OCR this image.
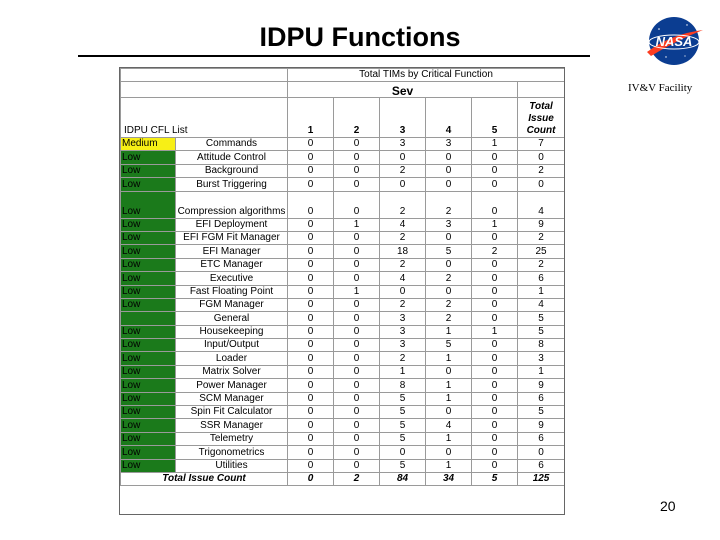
IDPU Functions	NASA
IV&V Facility
20
		Total TIMs by Critical Function					
		Sev					
IDPU CFL List		1	2	3	4	5	Total Issue Count
Medium	Commands	0	0	3	3	1	7
Low	Attitude Control	0	0	0	0	0	0
Low	Background	0	0	2	0	0	2
Low	Burst Triggering	0	0	0	0	0	0
Low	Compression algorithms	0	0	2	2	0	4
Low	EFI Deployment	0	1	4	3	1	9
Low	EFI FGM Fit Manager	0	0	2	0	0	2
Low	EFI Manager	0	0	18	5	2	25
Low	ETC Manager	0	0	2	0	0	2
Low	Executive	0	0	4	2	0	6
Low	Fast Floating Point	0	1	0	0	0	1
Low	FGM Manager	0	0	2	2	0	4
	General	0	0	3	2	0	5
Low	Housekeeping	0	0	3	1	1	5
Low	Input/Output	0	0	3	5	0	8
Low	Loader	0	0	2	1	0	3
Low	Matrix Solver	0	0	1	0	0	1
Low	Power Manager	0	0	8	1	0	9
Low	SCM Manager	0	0	5	1	0	6
Low	Spin Fit Calculator	0	0	5	0	0	5
Low	SSR Manager	0	0	5	4	0	9
Low	Telemetry	0	0	5	1	0	6
Low	Trigonometrics	0	0	0	0	0	0
Low	Utilities	0	0	5	1	0	6
Total Issue Count		0	2	84	34	5	125
